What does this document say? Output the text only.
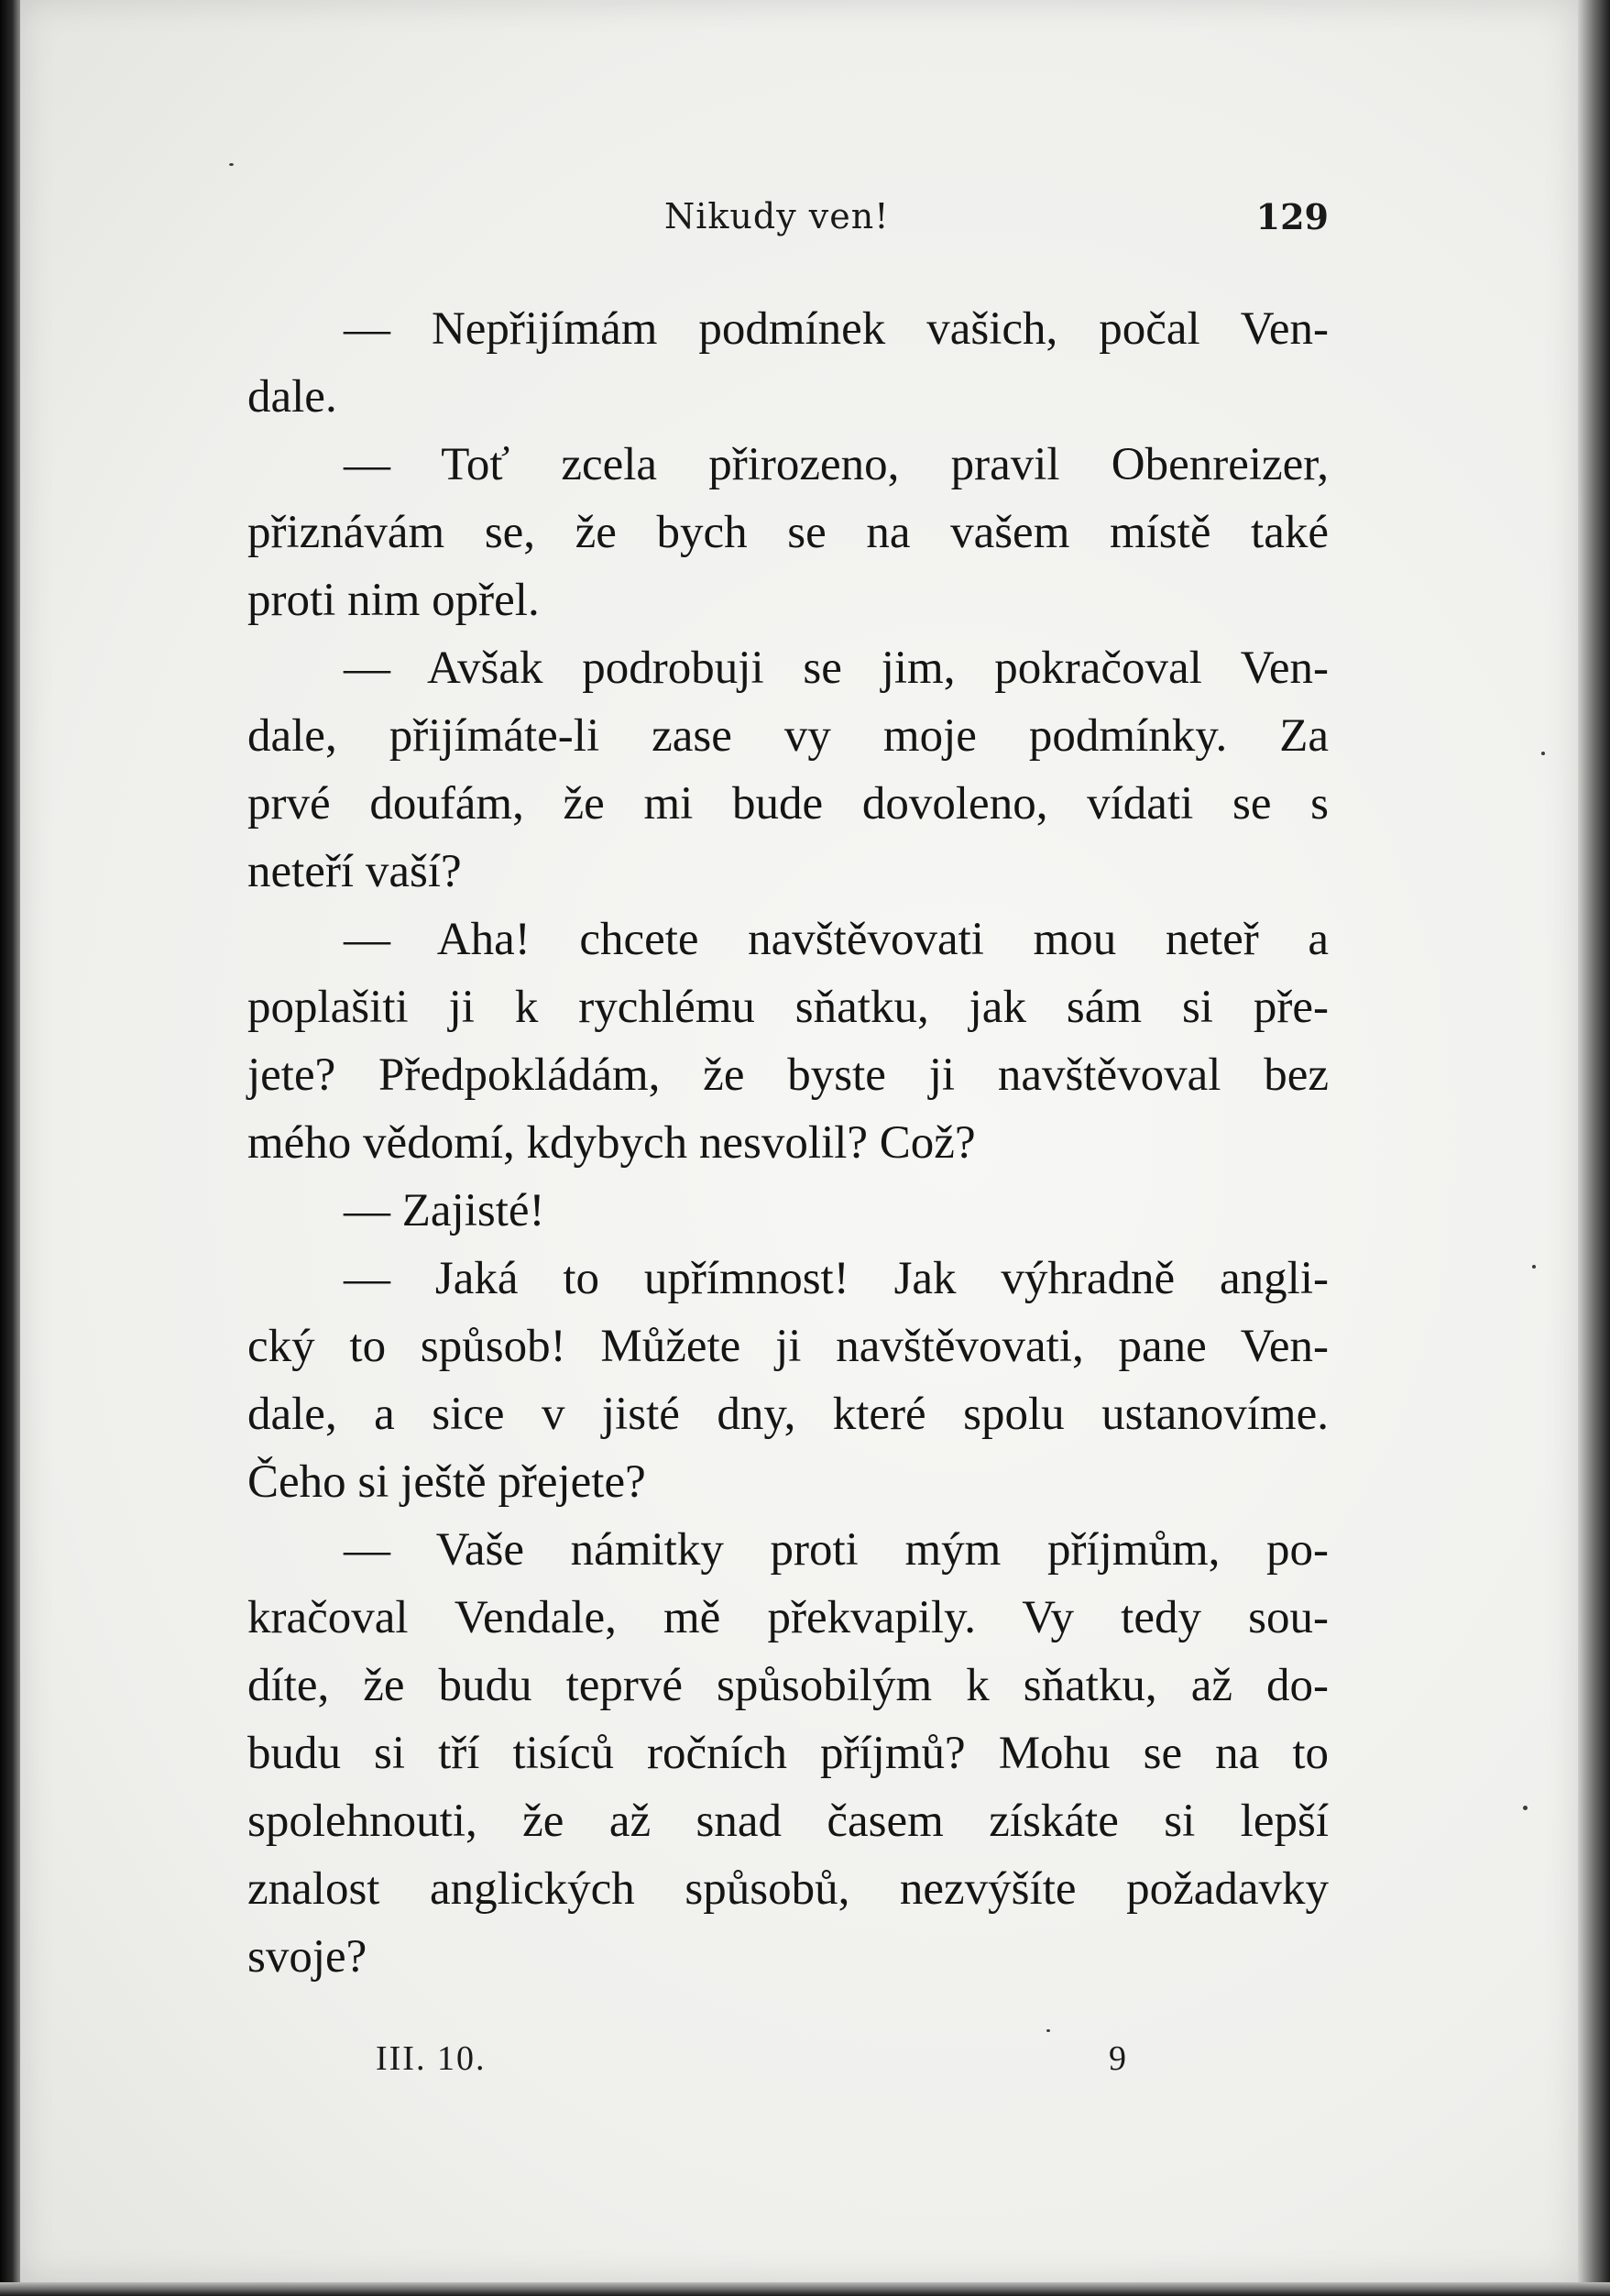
Nikudy ven!	129
— Nepřijímám podmínek vašich, počal Ven-
dale.
— Toť zcela přirozeno, pravil Obenreizer,
přiznávám se, že bych se na vašem místě také
proti nim opřel.
— Avšak podrobuji se jim, pokračoval Ven-
dale, přijímáte-li zase vy moje podmínky. Za
prvé doufám, že mi bude dovoleno, vídati se s
neteří vaší?
— Aha! chcete navštěvovati mou neteř a
poplašiti ji k rychlému sňatku, jak sám si pře-
jete? Předpokládám, že byste ji navštěvoval bez
mého vědomí, kdybych nesvolil? Což?
— Zajisté!
— Jaká to upřímnost! Jak výhradně angli-
cký to spůsob! Můžete ji navštěvovati, pane Ven-
dale, a sice v jisté dny, které spolu ustanovíme.
Čeho si ještě přejete?
— Vaše námitky proti mým příjmům, po-
kračoval Vendale, mě překvapily. Vy tedy sou-
díte, že budu teprvé spůsobilým k sňatku, až do-
budu si tří tisíců ročních příjmů? Mohu se na to
spolehnouti, že až snad časem získáte si lepší
znalost anglických spůsobů, nezvýšíte požadavky
svoje?
III. 10.	9
